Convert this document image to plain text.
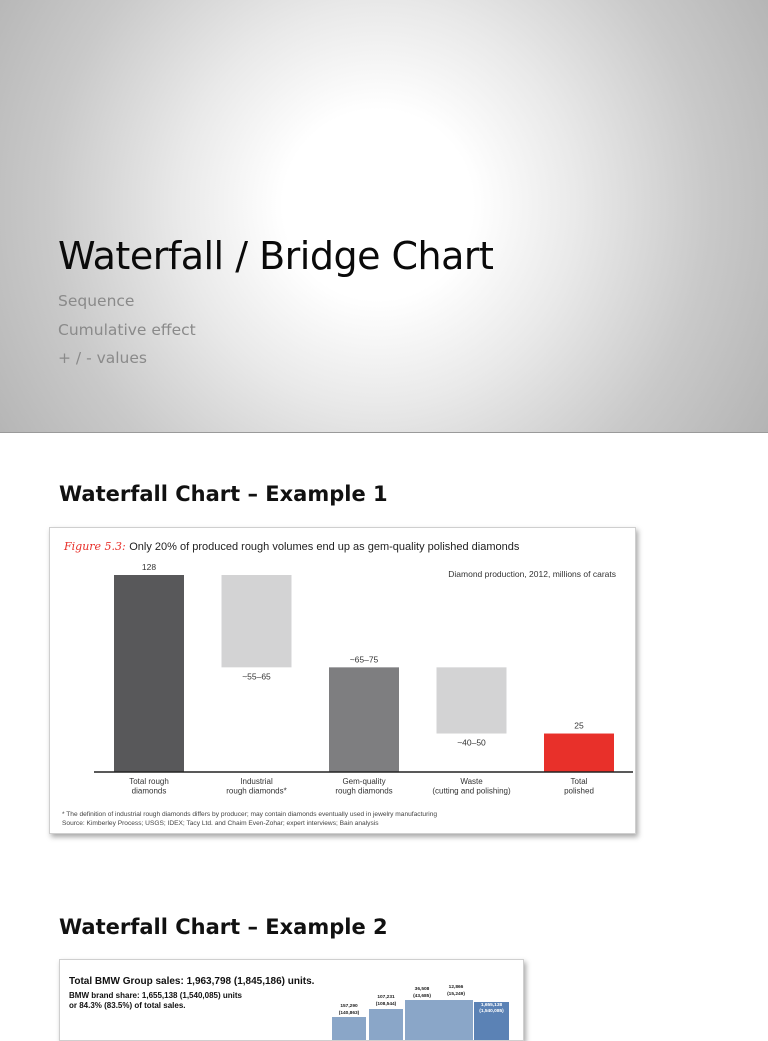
Waterfall / Bridge Chart
Sequence
Cumulative effect
+ / - values
Waterfall Chart – Example 1
Figure 5.3: Only 20% of produced rough volumes end up as gem-quality polished diamonds
Diamond production, 2012, millions of carats
128
Total rough
diamonds
~55–65
Industrial
rough diamonds*
~65–75
Gem-quality
rough diamonds
~40–50
Waste
(cutting and polishing)
25
Total
polished
* The definition of industrial rough diamonds differs by producer; may contain diamonds eventually used in jewelry manufacturing
Source: Kimberley Process; USGS; IDEX; Tacy Ltd. and Chaim Even-Zohar; expert interviews; Bain analysis
Waterfall Chart – Example 2
Total BMW Group sales: 1,963,798 (1,845,186) units.
BMW brand share: 1,655,138 (1,540,085) units
or 84.3% (83.5%) of total sales.	157,290
(140,863)
107,231
(108,544)
36,508
(43,685)
12,866
(15,249)
1,655,138
(1,540,085)
